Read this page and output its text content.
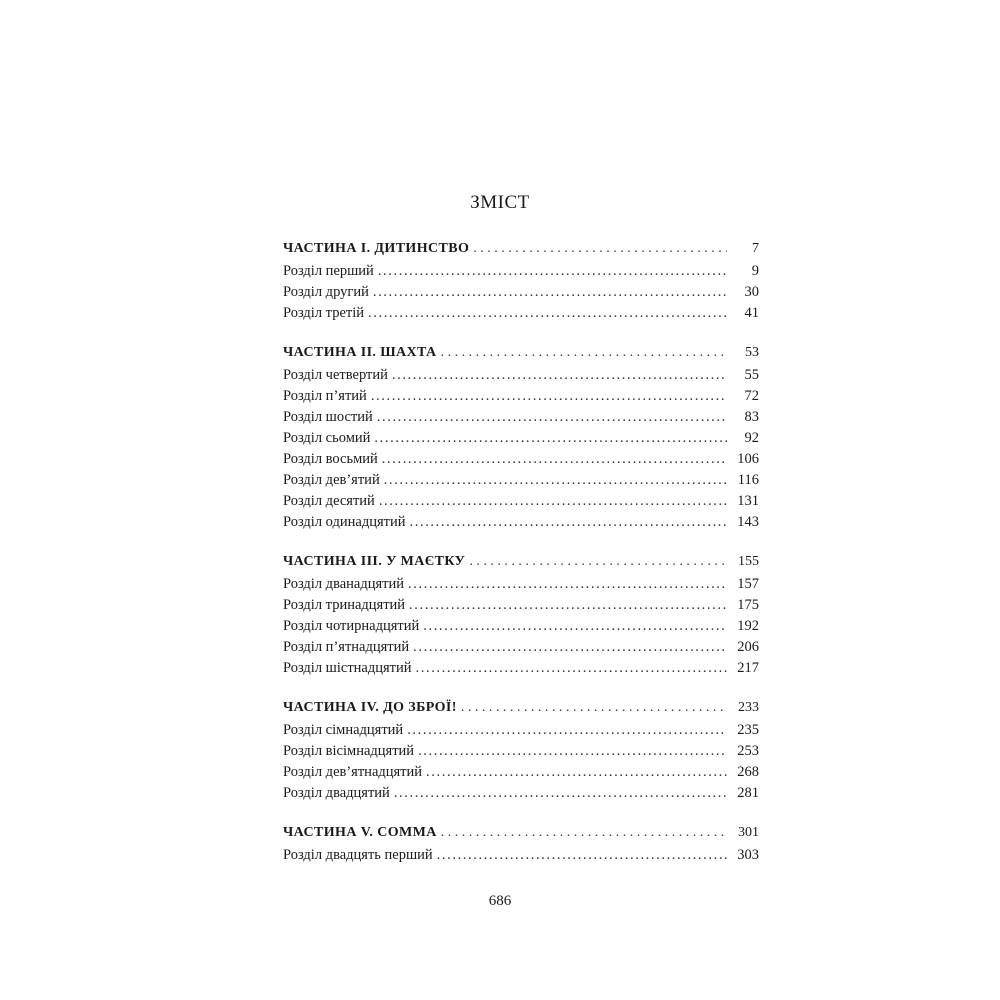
ЗМІСТ
ЧАСТИНА І. ДИТИНСТВО . . .	7
Розділ перший .....	9
Розділ другий .....	30
Розділ третій .....	41
ЧАСТИНА ІІ. ШАХТА . . .	53
Розділ четвертий .....	55
Розділ п’ятий .....	72
Розділ шостий .....	83
Розділ сьомий .....	92
Розділ восьмий .....	106
Розділ дев’ятий .....	116
Розділ десятий .....	131
Розділ одинадцятий .....	143
ЧАСТИНА ІІІ. У МАЄТКУ . . .	155
Розділ дванадцятий .....	157
Розділ тринадцятий .....	175
Розділ чотирнадцятий .....	192
Розділ п’ятнадцятий .....	206
Розділ шістнадцятий .....	217
ЧАСТИНА IV. ДО ЗБРОЇ! . . .	233
Розділ сімнадцятий .....	235
Розділ вісімнадцятий .....	253
Розділ дев’ятнадцятий .....	268
Розділ двадцятий .....	281
ЧАСТИНА V. COMMA . . .	301
Розділ двадцять перший .....	303
686
